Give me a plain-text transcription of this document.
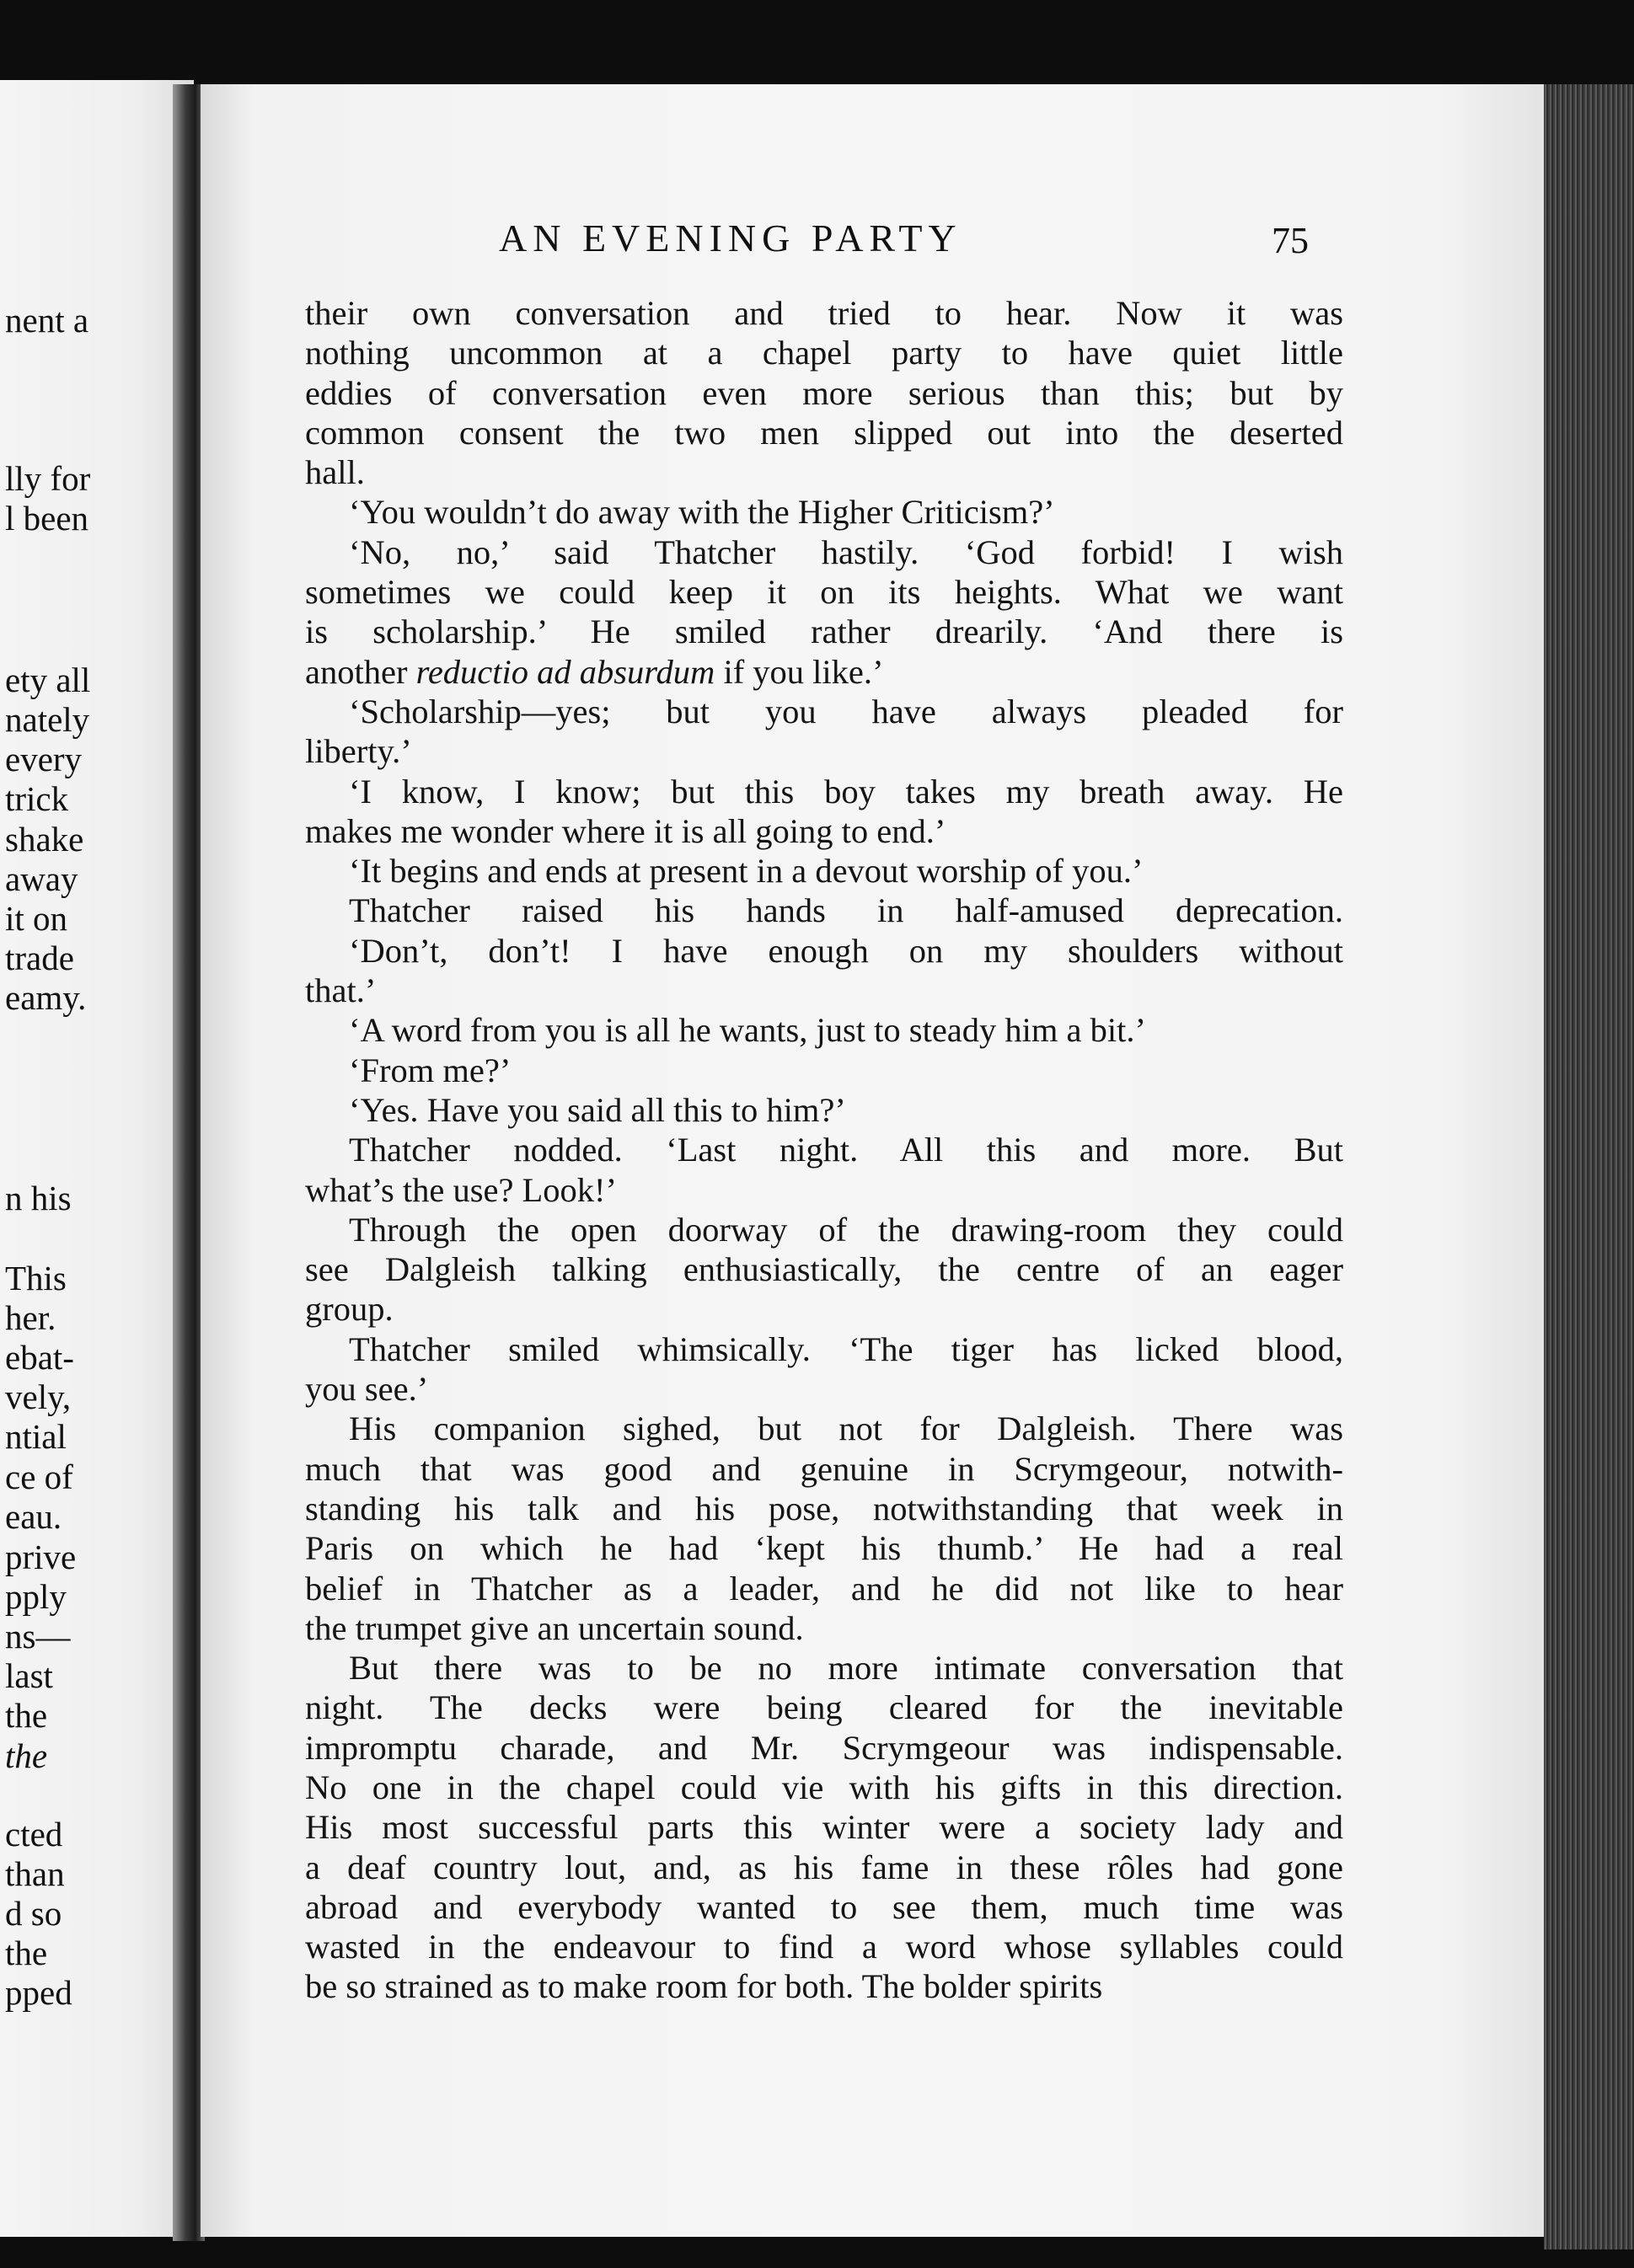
nent a
lly for
l been
ety all
nately
every
trick
shake
away
it on
trade
eamy.
n his
This
her.
ebat-
vely,
ntial
ce of
eau.
prive
pply
ns—
last
the
the
cted
than
d so
the
pped
AN EVENING PARTY	75
their own conversation and tried to hear. Now it was
nothing uncommon at a chapel party to have quiet little
eddies of conversation even more serious than this; but by
common consent the two men slipped out into the deserted
hall.
‘You wouldn’t do away with the Higher Criticism?’
‘No, no,’ said Thatcher hastily. ‘God forbid! I wish
sometimes we could keep it on its heights. What we want
is scholarship.’ He smiled rather drearily. ‘And there is
another reductio ad absurdum if you like.’
‘Scholarship—yes; but you have always pleaded for
liberty.’
‘I know, I know; but this boy takes my breath away. He
makes me wonder where it is all going to end.’
‘It begins and ends at present in a devout worship of you.’
Thatcher raised his hands in half-amused deprecation.
‘Don’t, don’t! I have enough on my shoulders without
that.’
‘A word from you is all he wants, just to steady him a bit.’
‘From me?’
‘Yes. Have you said all this to him?’
Thatcher nodded. ‘Last night. All this and more. But
what’s the use? Look!’
Through the open doorway of the drawing-room they could
see Dalgleish talking enthusiastically, the centre of an eager
group.
Thatcher smiled whimsically. ‘The tiger has licked blood,
you see.’
His companion sighed, but not for Dalgleish. There was
much that was good and genuine in Scrymgeour, notwith-
standing his talk and his pose, notwithstanding that week in
Paris on which he had ‘kept his thumb.’ He had a real
belief in Thatcher as a leader, and he did not like to hear
the trumpet give an uncertain sound.
But there was to be no more intimate conversation that
night. The decks were being cleared for the inevitable
impromptu charade, and Mr. Scrymgeour was indispensable.
No one in the chapel could vie with his gifts in this direction.
His most successful parts this winter were a society lady and
a deaf country lout, and, as his fame in these rôles had gone
abroad and everybody wanted to see them, much time was
wasted in the endeavour to find a word whose syllables could
be so strained as to make room for both. The bolder spirits
